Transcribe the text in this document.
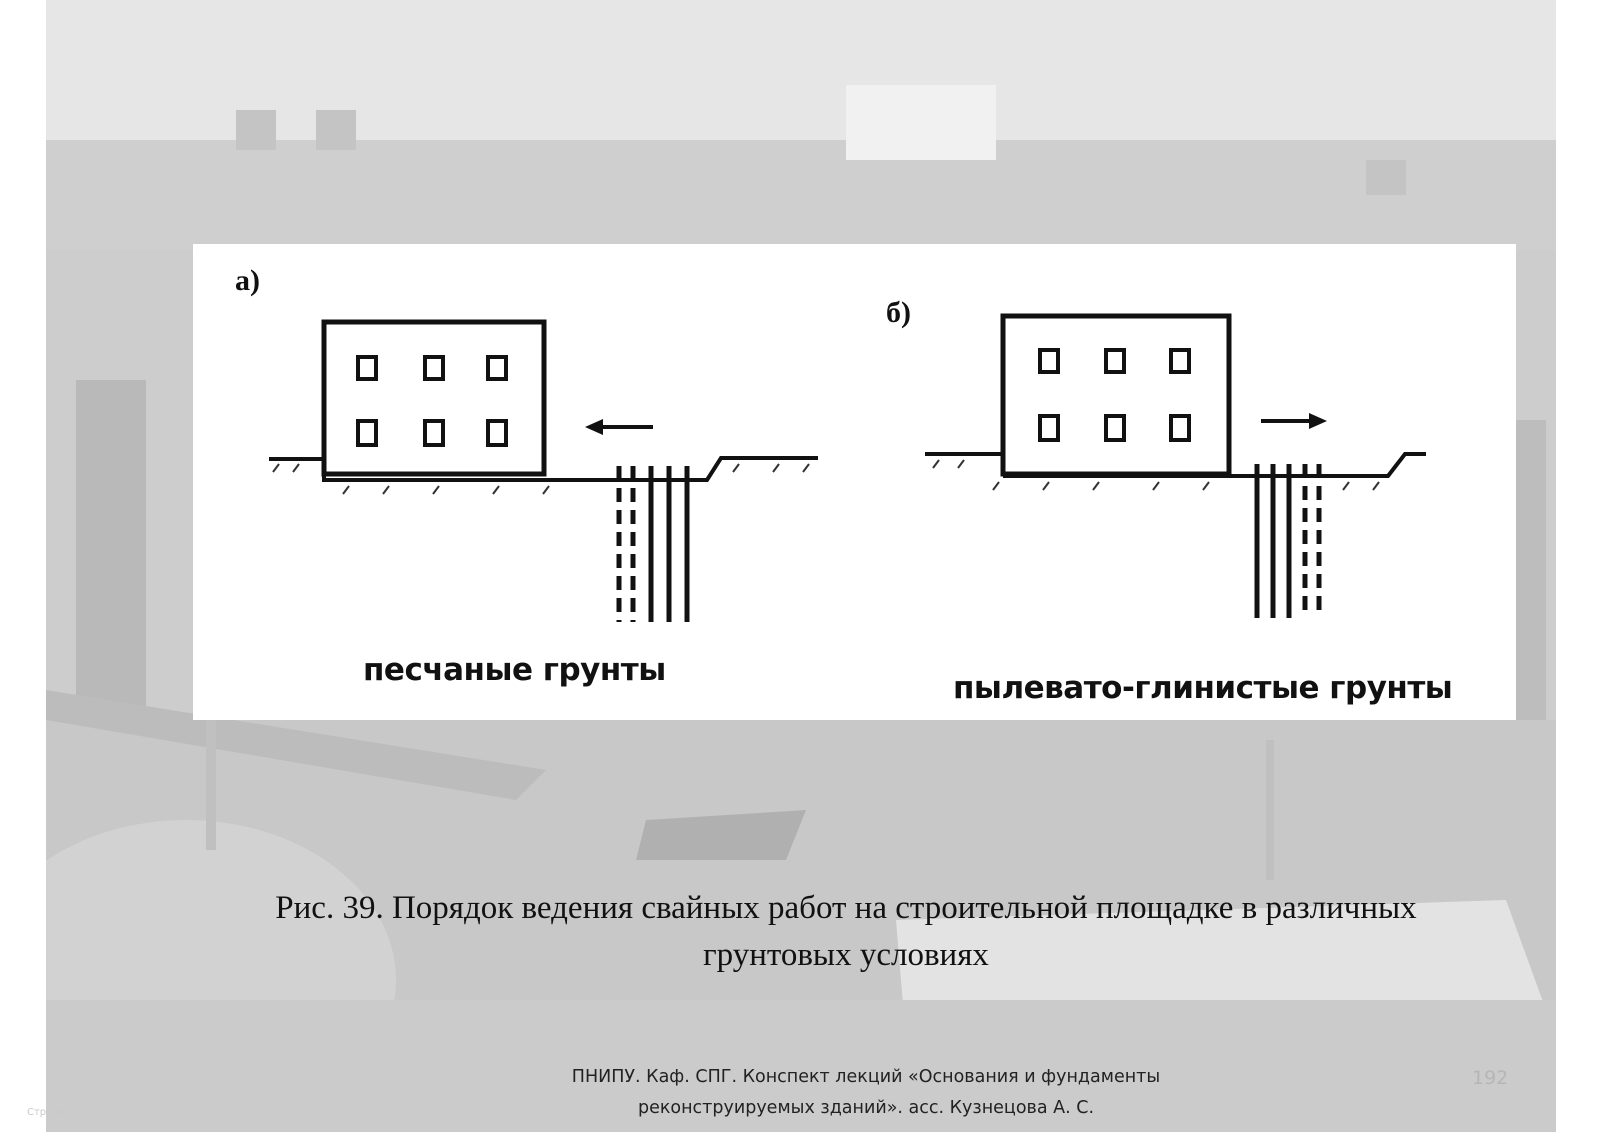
а)
б)
песчаные грунты	пылевато-глинистые грунты
Рис. 39. Порядок ведения свайных работ на строительной площадке в различных
грунтовых условиях
ПНИПУ. Каф. СПГ. Конспект лекций «Основания и фундаменты
реконструируемых зданий». асс. Кузнецова А. С.
192
Стр. 192
